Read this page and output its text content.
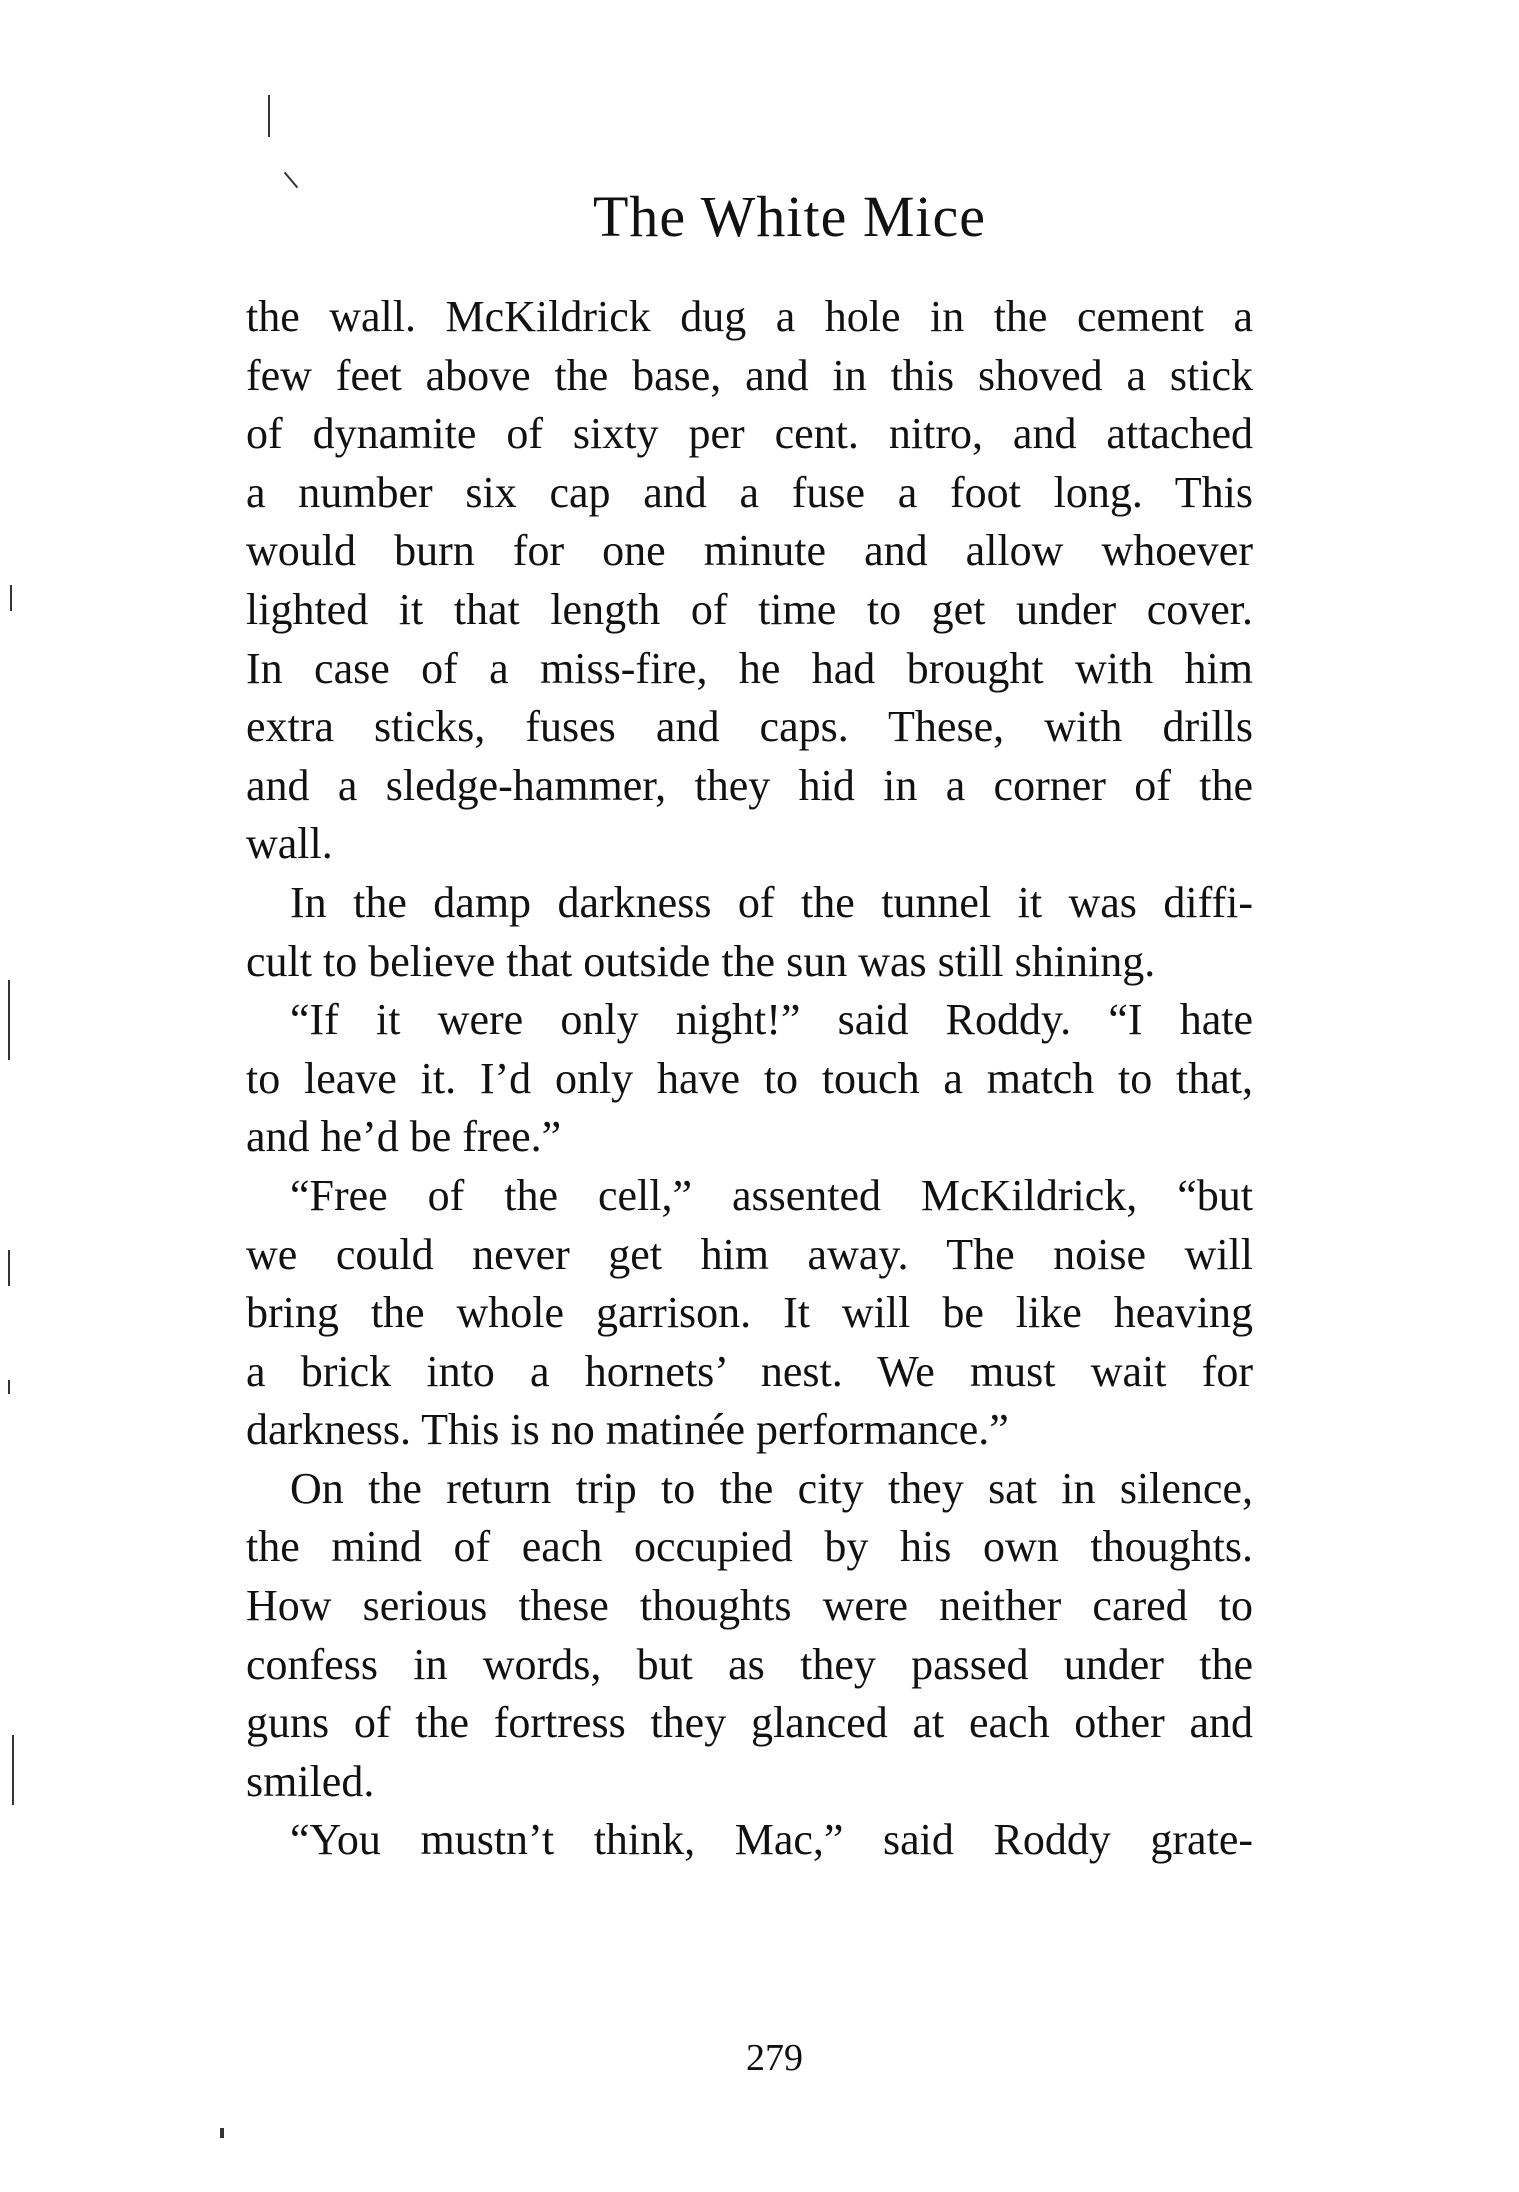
The White Mice

the wall. McKildrick dug a hole in the cement a
few feet above the base, and in this shoved a stick
of dynamite of sixty per cent. nitro, and attached
a number six cap and a fuse a foot long. This
would burn for one minute and allow whoever
lighted it that length of time to get under cover.
In case of a miss-fire, he had brought with him
extra sticks, fuses and caps. These, with drills
and a sledge-hammer, they hid in a corner of the
wall.

In the damp darkness of the tunnel it was diffi-
cult to believe that outside the sun was still shining.

“If it were only night!” said Roddy. “I hate
to leave it. I’d only have to touch a match to that,
and he’d be free.”

“Free of the cell,” assented McKildrick, “but
we could never get him away. The noise will
bring the whole garrison. It will be like heaving
a brick into a hornets’ nest. We must wait for
darkness. This is no matinée performance.”

On the return trip to the city they sat in silence,
the mind of each occupied by his own thoughts.
How serious these thoughts were neither cared to
confess in words, but as they passed under the
guns of the fortress they glanced at each other and
smiled.

“You mustn’t think, Mac,” said Roddy grate-

279
